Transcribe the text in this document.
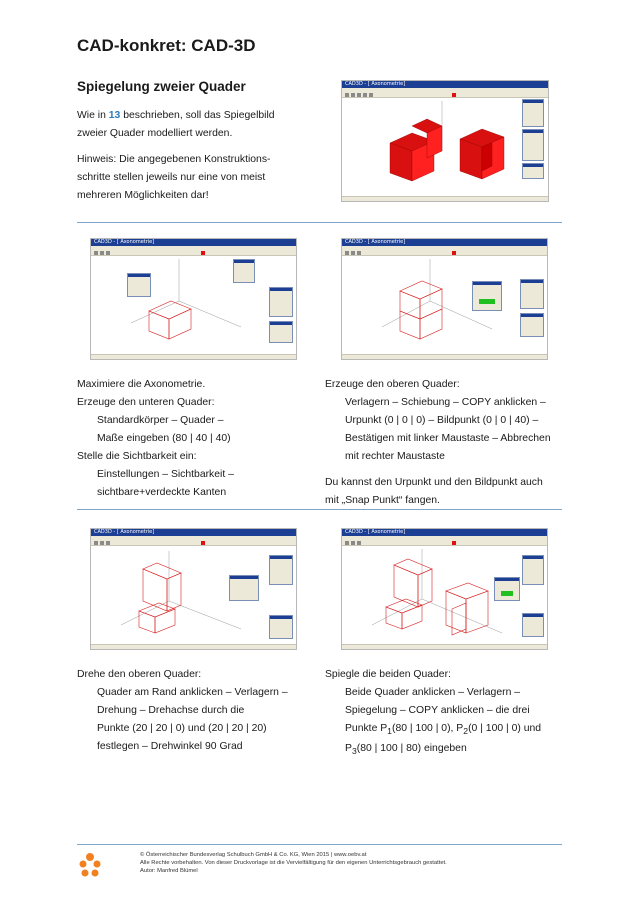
CAD-konkret: CAD-3D
Spiegelung zweier Quader
Wie in 13 beschrieben, soll das Spiegelbild
zweier Quader modelliert werden.
Hinweis: Die angegebenen Konstruktions-
schritte stellen jeweils nur eine von meist
mehreren Möglichkeiten dar!
CAD3D - [ Axonometrie]
CAD3D - [ Axonometrie]	CAD3D - [ Axonometrie]
Maximiere die Axonometrie.
Erzeuge den unteren Quader:
Standardkörper – Quader –
Maße eingeben (80 | 40 | 40)
Stelle die Sichtbarkeit ein:
Einstellungen – Sichtbarkeit –
sichtbare+verdeckte Kanten
Erzeuge den oberen Quader:
Verlagern – Schiebung – COPY anklicken –
Urpunkt (0 | 0 | 0) – Bildpunkt (0 | 0 | 40) –
Bestätigen mit linker Maustaste – Abbrechen
mit rechter Maustaste
Du kannst den Urpunkt und den Bildpunkt auch
mit „Snap Punkt“ fangen.
CAD3D - [ Axonometrie]	CAD3D - [ Axonometrie]
Drehe den oberen Quader:
Quader am Rand anklicken – Verlagern –
Drehung – Drehachse durch die
Punkte (20 | 20 | 0) und (20 | 20 | 20)
festlegen – Drehwinkel 90 Grad
Spiegle die beiden Quader:
Beide Quader anklicken – Verlagern –
Spiegelung – COPY anklicken – die drei
Punkte $P_1(80$ | 100 | 0), $P_2(0$ | 100 | 0) und
$P_3(80$ | 100 | 80) eingeben
© Österreichischer Bundesverlag Schulbuch GmbH & Co. KG, Wien 2015 | www.oebv.at
Alle Rechte vorbehalten. Von dieser Druckvorlage ist die Vervielfältigung für den eigenen Unterrichtsgebrauch gestattet.
Autor: Manfred Blümel
